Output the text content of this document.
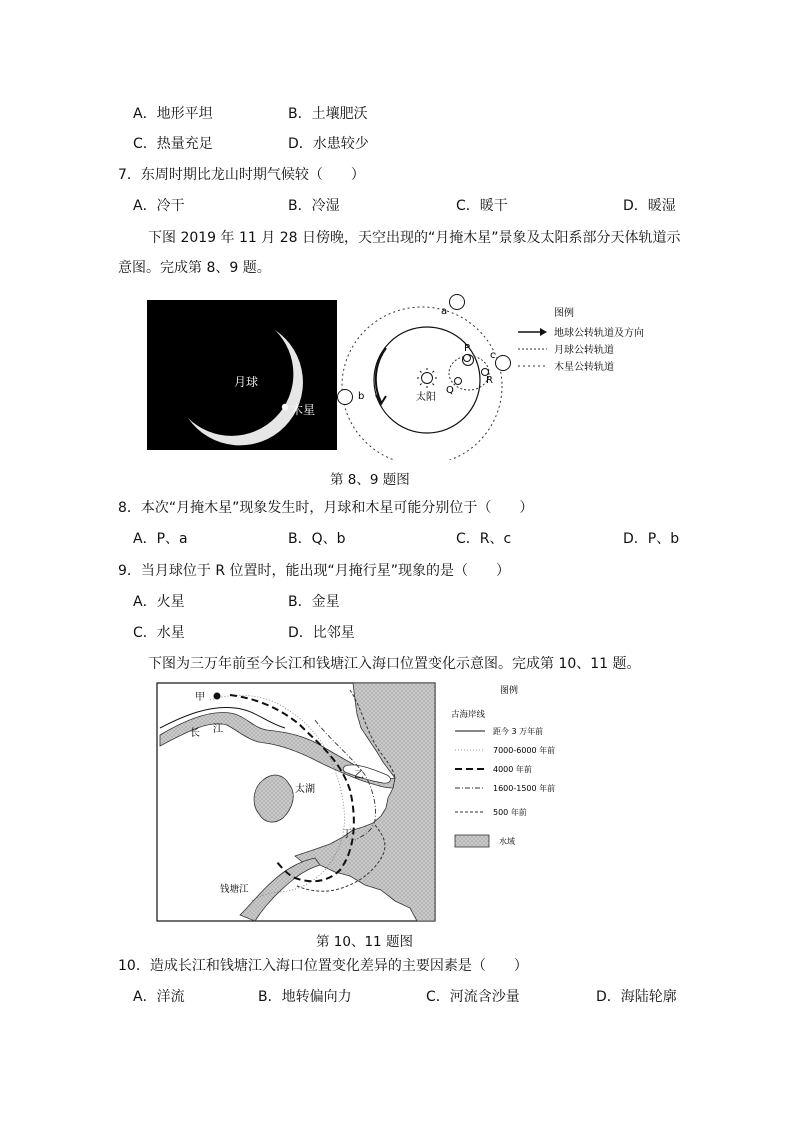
A．地形平坦	B．土壤肥沃
C．热量充足	D．水患较少
7．东周时期比龙山时期气候较（　　）
A．冷干	B．冷湿	C．暖干	D．暖湿
下图 2019 年 11 月 28 日傍晚，天空出现的“月掩木星”景象及太阳系部分天体轨道示
意图。完成第 8、9 题。
月球
木星
太阳
a
b
c
P
Q
R
图例
地球公转轨道及方向
月球公转轨道
木星公转轨道
第 8、9 题图
8．本次“月掩木星”现象发生时，月球和木星可能分别位于（　　）
A．P、a	B．Q、b	C．R、c	D．P、b
9．当月球位于 R 位置时，能出现“月掩行星”现象的是（　　）
A．火星	B．金星
C．水星	D．比邻星
下图为三万年前至今长江和钱塘江入海口位置变化示意图。完成第 10、11 题。
甲
长 江
太湖
乙
丁
钱塘江
图例
古海岸线
距今 3 万年前
7000-6000 年前
4000 年前
1600-1500 年前
500 年前
水域
第 10、11 题图
10．造成长江和钱塘江入海口位置变化差异的主要因素是（　　）
A．洋流	B．地转偏向力	C．河流含沙量	D．海陆轮廓
